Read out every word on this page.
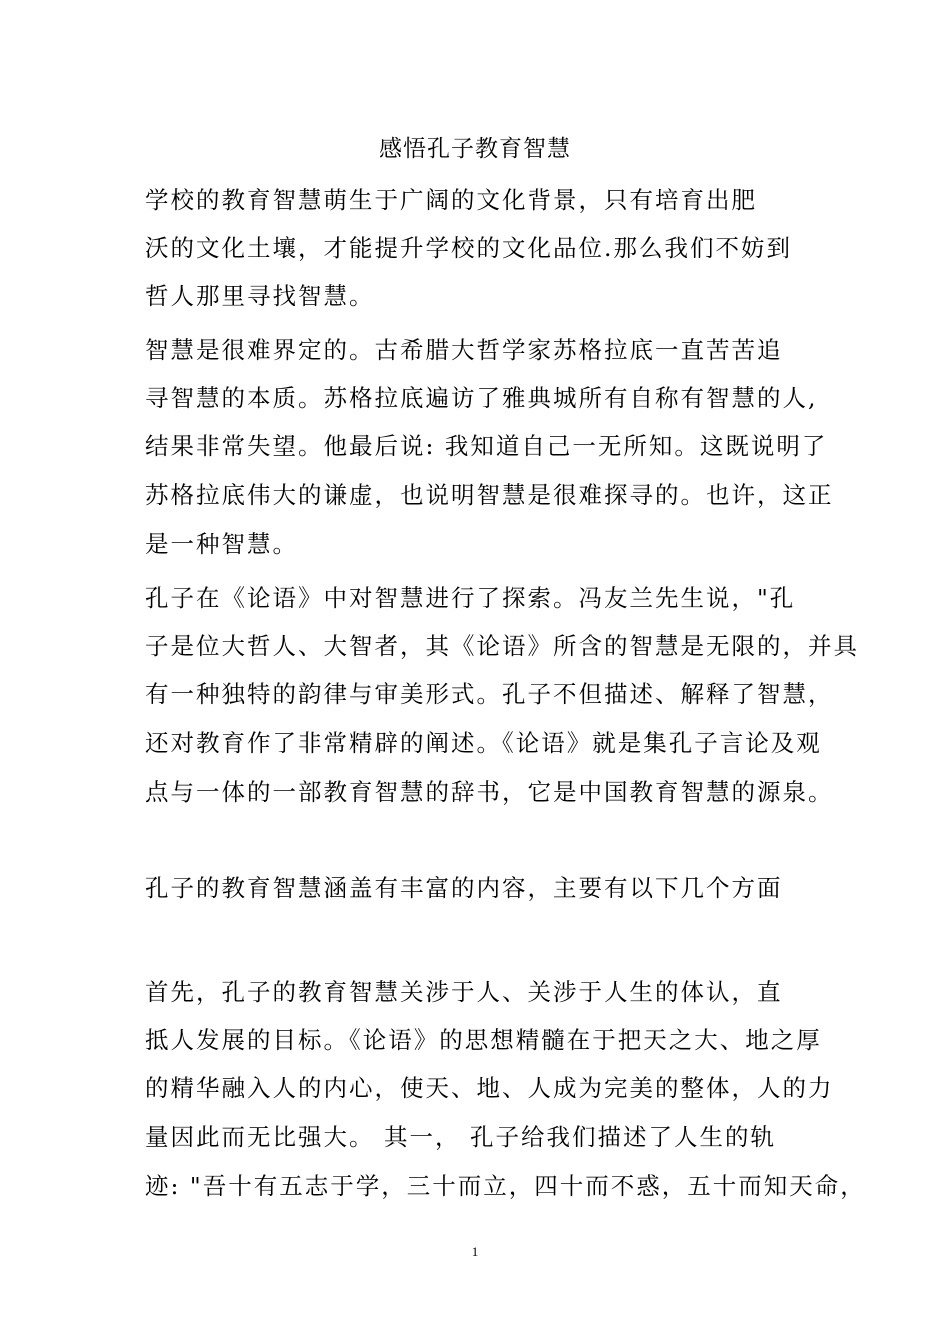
感悟孔子教育智慧
学校的教育智慧萌生于广阔的文化背景，只有培育出肥
沃的文化土壤，才能提升学校的文化品位.那么我们不妨到
哲人那里寻找智慧。
智慧是很难界定的。古希腊大哲学家苏格拉底一直苦苦追
寻智慧的本质。苏格拉底遍访了雅典城所有自称有智慧的人,
结果非常失望。他最后说: 我知道自己一无所知。这既说明了
苏格拉底伟大的谦虚，也说明智慧是很难探寻的。也许，这正
是一种智慧。
孔子在《论语》中对智慧进行了探索。冯友兰先生说，"孔
子是位大哲人、大智者，其《论语》所含的智慧是无限的，并具
有一种独特的韵律与审美形式。孔子不但描述、解释了智慧，
还对教育作了非常精辟的阐述。《论语》就是集孔子言论及观
点与一体的一部教育智慧的辞书，它是中国教育智慧的源泉。
孔子的教育智慧涵盖有丰富的内容，主要有以下几个方面
首先，孔子的教育智慧关涉于人、关涉于人生的体认，直
抵人发展的目标。《论语》的思想精髓在于把天之大、地之厚
的精华融入人的内心，使天、地、人成为完美的整体，人的力
量因此而无比强大。 其一， 孔子给我们描述了人生的轨
迹: "吾十有五志于学，三十而立，四十而不惑，五十而知天命，
1
